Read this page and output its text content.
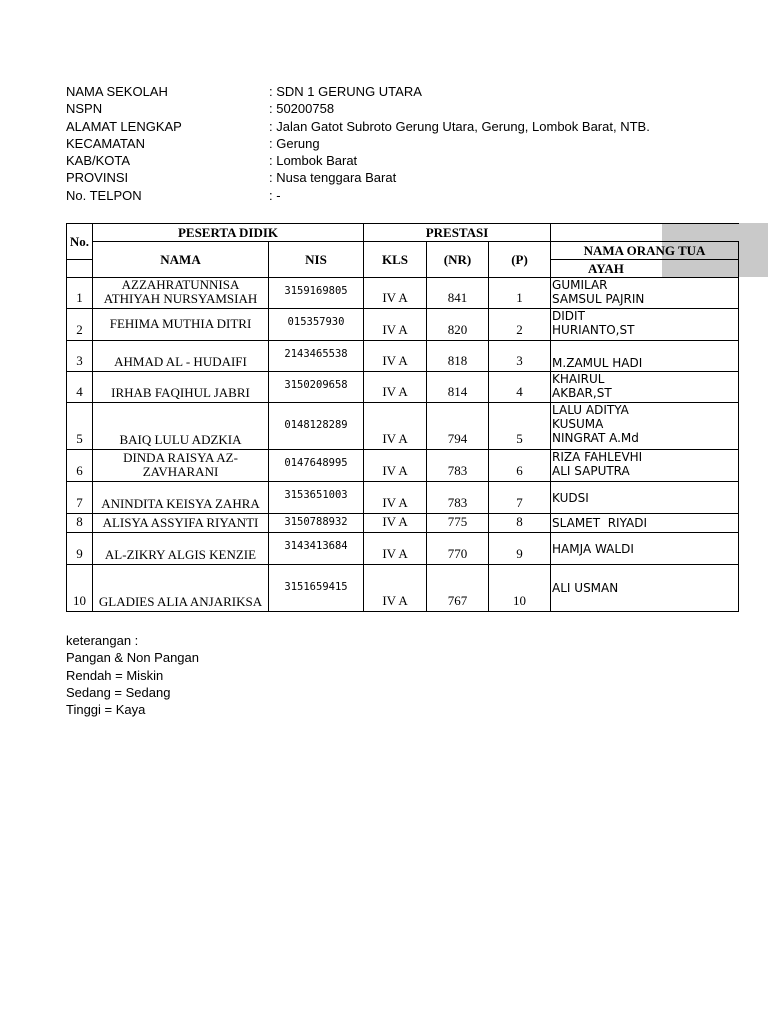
NAMA SEKOLAH	: SDN 1 GERUNG UTARA
NSPN	: 50200758
ALAMAT LENGKAP	: Jalan Gatot Subroto Gerung Utara, Gerung, Lombok Barat, NTB.
KECAMATAN	: Gerung
KAB/KOTA	: Lombok Barat
PROVINSI	: Nusa tenggara Barat
No. TELPON	: -
No.	PESERTA DIDIK		PRESTASI			
	NAMA	NIS	KLS	(NR)	(P)	NAMA ORANG TUA
						AYAH
1	AZZAHRATUNNISA ATHIYAH NURSYAMSIAH	3159169805	IV A	841	1	GUMILAR
SAMSUL PAJRIN
2	FEHIMA MUTHIA DITRI	015357930	IV A	820	2	DIDIT
HURIANTO,ST
3	AHMAD AL - HUDAIFI	2143465538	IV A	818	3	M.ZAMUL HADI
4	IRHAB FAQIHUL JABRI	3150209658	IV A	814	4	KHAIRUL
AKBAR,ST
5	BAIQ LULU ADZKIA	0148128289	IV A	794	5	LALU ADITYA
KUSUMA
NINGRAT A.Md
6	DINDA RAISYA AZ-ZAVHARANI	0147648995	IV A	783	6	RIZA FAHLEVHI
ALI SAPUTRA
7	ANINDITA KEISYA ZAHRA	3153651003	IV A	783	7	KUDSI
8	ALISYA ASSYIFA RIYANTI	3150788932	IV A	775	8	SLAMET  RIYADI
9	AL-ZIKRY ALGIS KENZIE	3143413684	IV A	770	9	HAMJA WALDI
10	GLADIES ALIA ANJARIKSA	3151659415	IV A	767	10	ALI USMAN
keterangan :
Pangan & Non Pangan
Rendah = Miskin
Sedang = Sedang
Tinggi = Kaya
